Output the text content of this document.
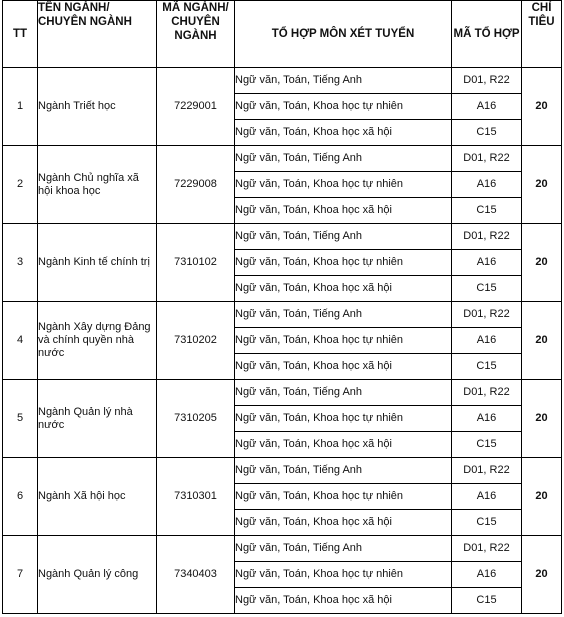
TT	TÊN NGÀNH/ CHUYÊN NGÀNH	MÃ NGÀNH/ CHUYÊN NGÀNH	TỔ HỢP MÔN XÉT TUYỂN	MÃ TỔ HỢP	CHỈ TIÊU
1	Ngành Triết học	7229001	Ngữ văn, Toán, Tiếng Anh	D01, R22	20
			Ngữ văn, Toán, Khoa học tự nhiên	A16	
			Ngữ văn, Toán, Khoa học xã hội	C15	
2	Ngành Chủ nghĩa xã hội khoa học	7229008	Ngữ văn, Toán, Tiếng Anh	D01, R22	20
			Ngữ văn, Toán, Khoa học tự nhiên	A16	
			Ngữ văn, Toán, Khoa học xã hội	C15	
3	Ngành Kinh tế chính trị	7310102	Ngữ văn, Toán, Tiếng Anh	D01, R22	20
			Ngữ văn, Toán, Khoa học tự nhiên	A16	
			Ngữ văn, Toán, Khoa học xã hội	C15	
4	Ngành Xây dựng Đảng và chính quyền nhà nước	7310202	Ngữ văn, Toán, Tiếng Anh	D01, R22	20
			Ngữ văn, Toán, Khoa học tự nhiên	A16	
			Ngữ văn, Toán, Khoa học xã hội	C15	
5	Ngành Quản lý nhà nước	7310205	Ngữ văn, Toán, Tiếng Anh	D01, R22	20
			Ngữ văn, Toán, Khoa học tự nhiên	A16	
			Ngữ văn, Toán, Khoa học xã hội	C15	
6	Ngành Xã hội học	7310301	Ngữ văn, Toán, Tiếng Anh	D01, R22	20
			Ngữ văn, Toán, Khoa học tự nhiên	A16	
			Ngữ văn, Toán, Khoa học xã hội	C15	
7	Ngành Quản lý công	7340403	Ngữ văn, Toán, Tiếng Anh	D01, R22	20
			Ngữ văn, Toán, Khoa học tự nhiên	A16	
			Ngữ văn, Toán, Khoa học xã hội	C15	
